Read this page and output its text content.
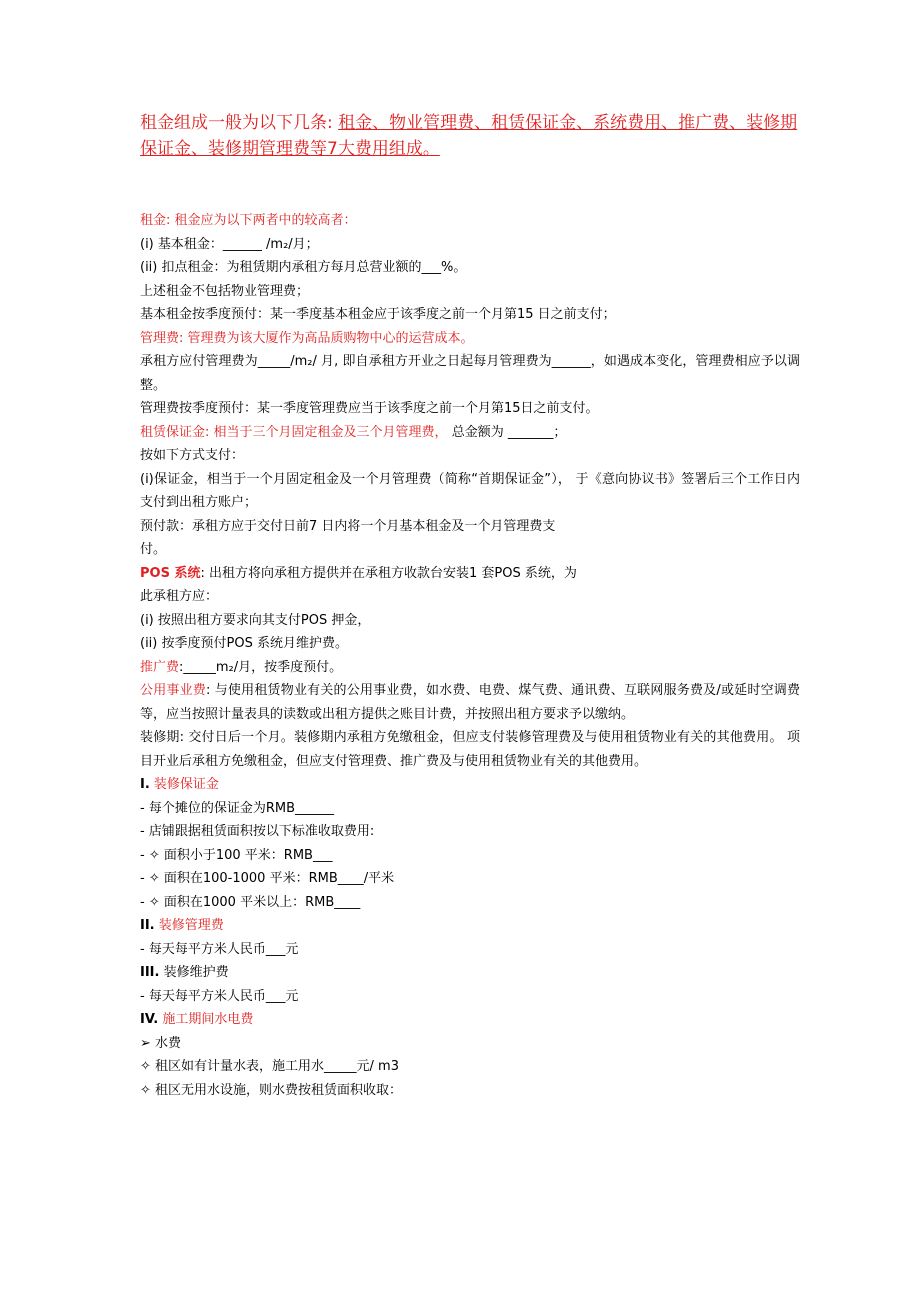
租金组成一般为以下几条: 租金、物业管理费、租赁保证金、系统费用、推广费、装修期保证金、装修期管理费等7大费用组成。
租金: 租金应为以下两者中的较高者：
(i) 基本租金：______ /m₂/月；
(ii) 扣点租金：为租赁期内承租方每月总营业额的___%。
上述租金不包括物业管理费；
基本租金按季度预付：某一季度基本租金应于该季度之前一个月第15 日之前支付；
管理费: 管理费为该大厦作为高品质购物中心的运营成本。
承租方应付管理费为_____/m₂/ 月, 即自承租方开业之日起每月管理费为______，如遇成本变化，管理费相应予以调整。
管理费按季度预付：某一季度管理费应当于该季度之前一个月第15日之前支付。
租赁保证金: 相当于三个月固定租金及三个月管理费， 总金额为 _______；
按如下方式支付：
(i)保证金，相当于一个月固定租金及一个月管理费（简称“首期保证金”）， 于《意向协议书》签署后三个工作日内支付到出租方账户；
预付款：承租方应于交付日前7 日内将一个月基本租金及一个月管理费支
付。
POS 系统: 出租方将向承租方提供并在承租方收款台安装1 套POS 系统，为
此承租方应：
(i) 按照出租方要求向其支付POS 押金，
(ii) 按季度预付POS 系统月维护费。
推广费:_____m₂/月，按季度预付。
公用事业费: 与使用租赁物业有关的公用事业费，如水费、电费、煤气费、通讯费、互联网服务费及/或延时空调费等，应当按照计量表具的读数或出租方提供之账目计费，并按照出租方要求予以缴纳。
装修期: 交付日后一个月。装修期内承租方免缴租金，但应支付装修管理费及与使用租赁物业有关的其他费用。 项目开业后承租方免缴租金，但应支付管理费、推广费及与使用租赁物业有关的其他费用。
I. 装修保证金
- 每个摊位的保证金为RMB______
- 店铺跟据租赁面积按以下标准收取费用:
- ✧ 面积小于100 平米：RMB___
- ✧ 面积在100-1000 平米：RMB____/平米
- ✧ 面积在1000 平米以上：RMB____
II. 装修管理费
- 每天每平方米人民币___元
III. 装修维护费
- 每天每平方米人民币___元
IV. 施工期间水电费
➢ 水费
✧ 租区如有计量水表，施工用水_____元/ m3
✧ 租区无用水设施，则水费按租赁面积收取：
